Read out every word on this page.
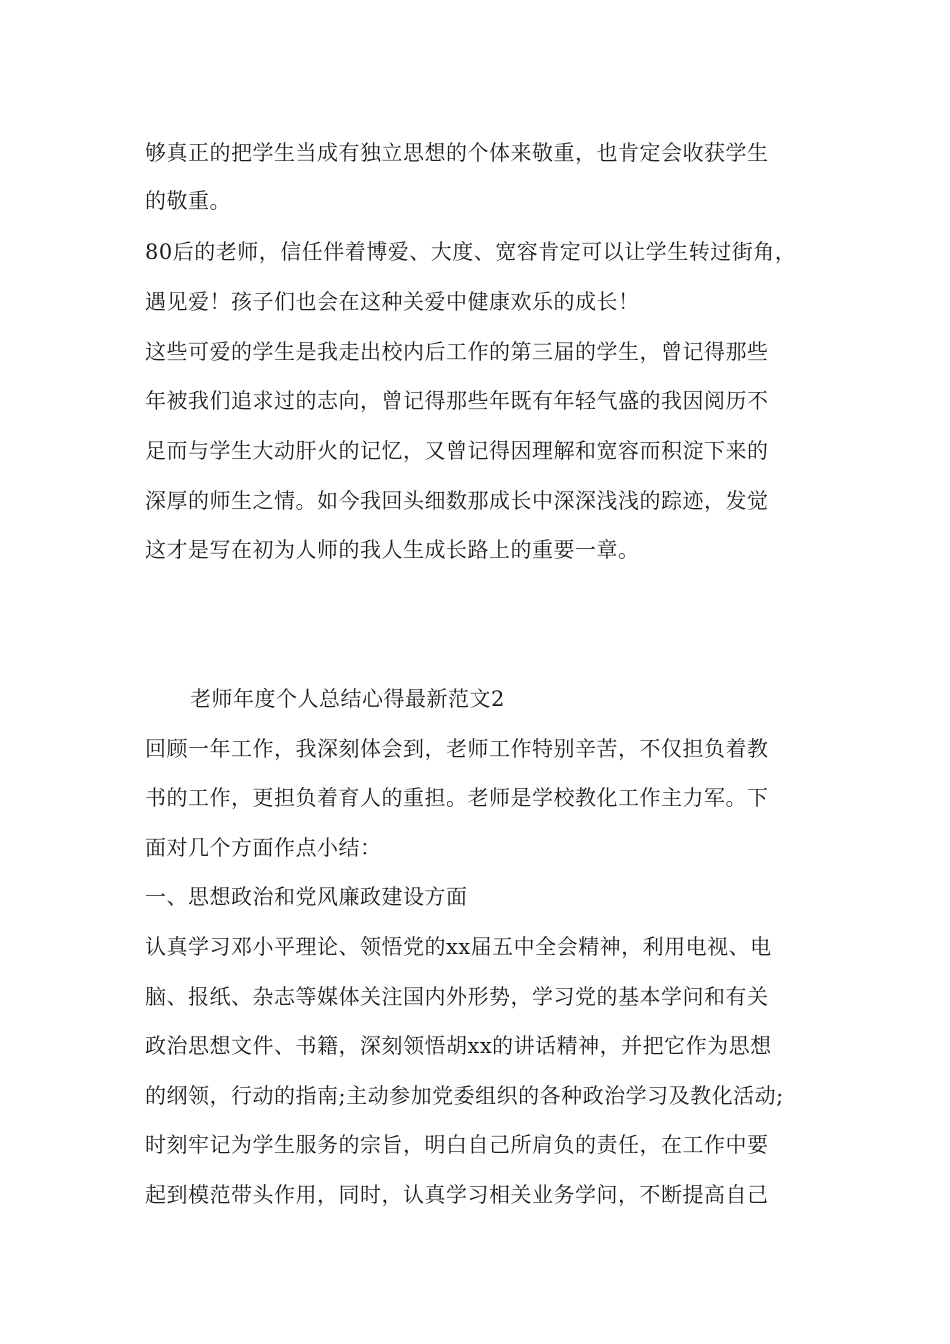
够真正的把学生当成有独立思想的个体来敬重，也肯定会收获学生
的敬重。
80后的老师，信任伴着博爱、大度、宽容肯定可以让学生转过街角，
遇见爱！孩子们也会在这种关爱中健康欢乐的成长！
这些可爱的学生是我走出校内后工作的第三届的学生，曾记得那些
年被我们追求过的志向，曾记得那些年既有年轻气盛的我因阅历不
足而与学生大动肝火的记忆，又曾记得因理解和宽容而积淀下来的
深厚的师生之情。如今我回头细数那成长中深深浅浅的踪迹，发觉
这才是写在初为人师的我人生成长路上的重要一章。
老师年度个人总结心得最新范文2
回顾一年工作，我深刻体会到，老师工作特别辛苦，不仅担负着教
书的工作，更担负着育人的重担。老师是学校教化工作主力军。下
面对几个方面作点小结：
一、思想政治和党风廉政建设方面
认真学习邓小平理论、领悟党的xx届五中全会精神，利用电视、电
脑、报纸、杂志等媒体关注国内外形势，学习党的基本学问和有关
政治思想文件、书籍，深刻领悟胡xx的讲话精神，并把它作为思想
的纲领，行动的指南;主动参加党委组织的各种政治学习及教化活动;
时刻牢记为学生服务的宗旨，明白自己所肩负的责任，在工作中要
起到模范带头作用，同时，认真学习相关业务学问，不断提高自己
